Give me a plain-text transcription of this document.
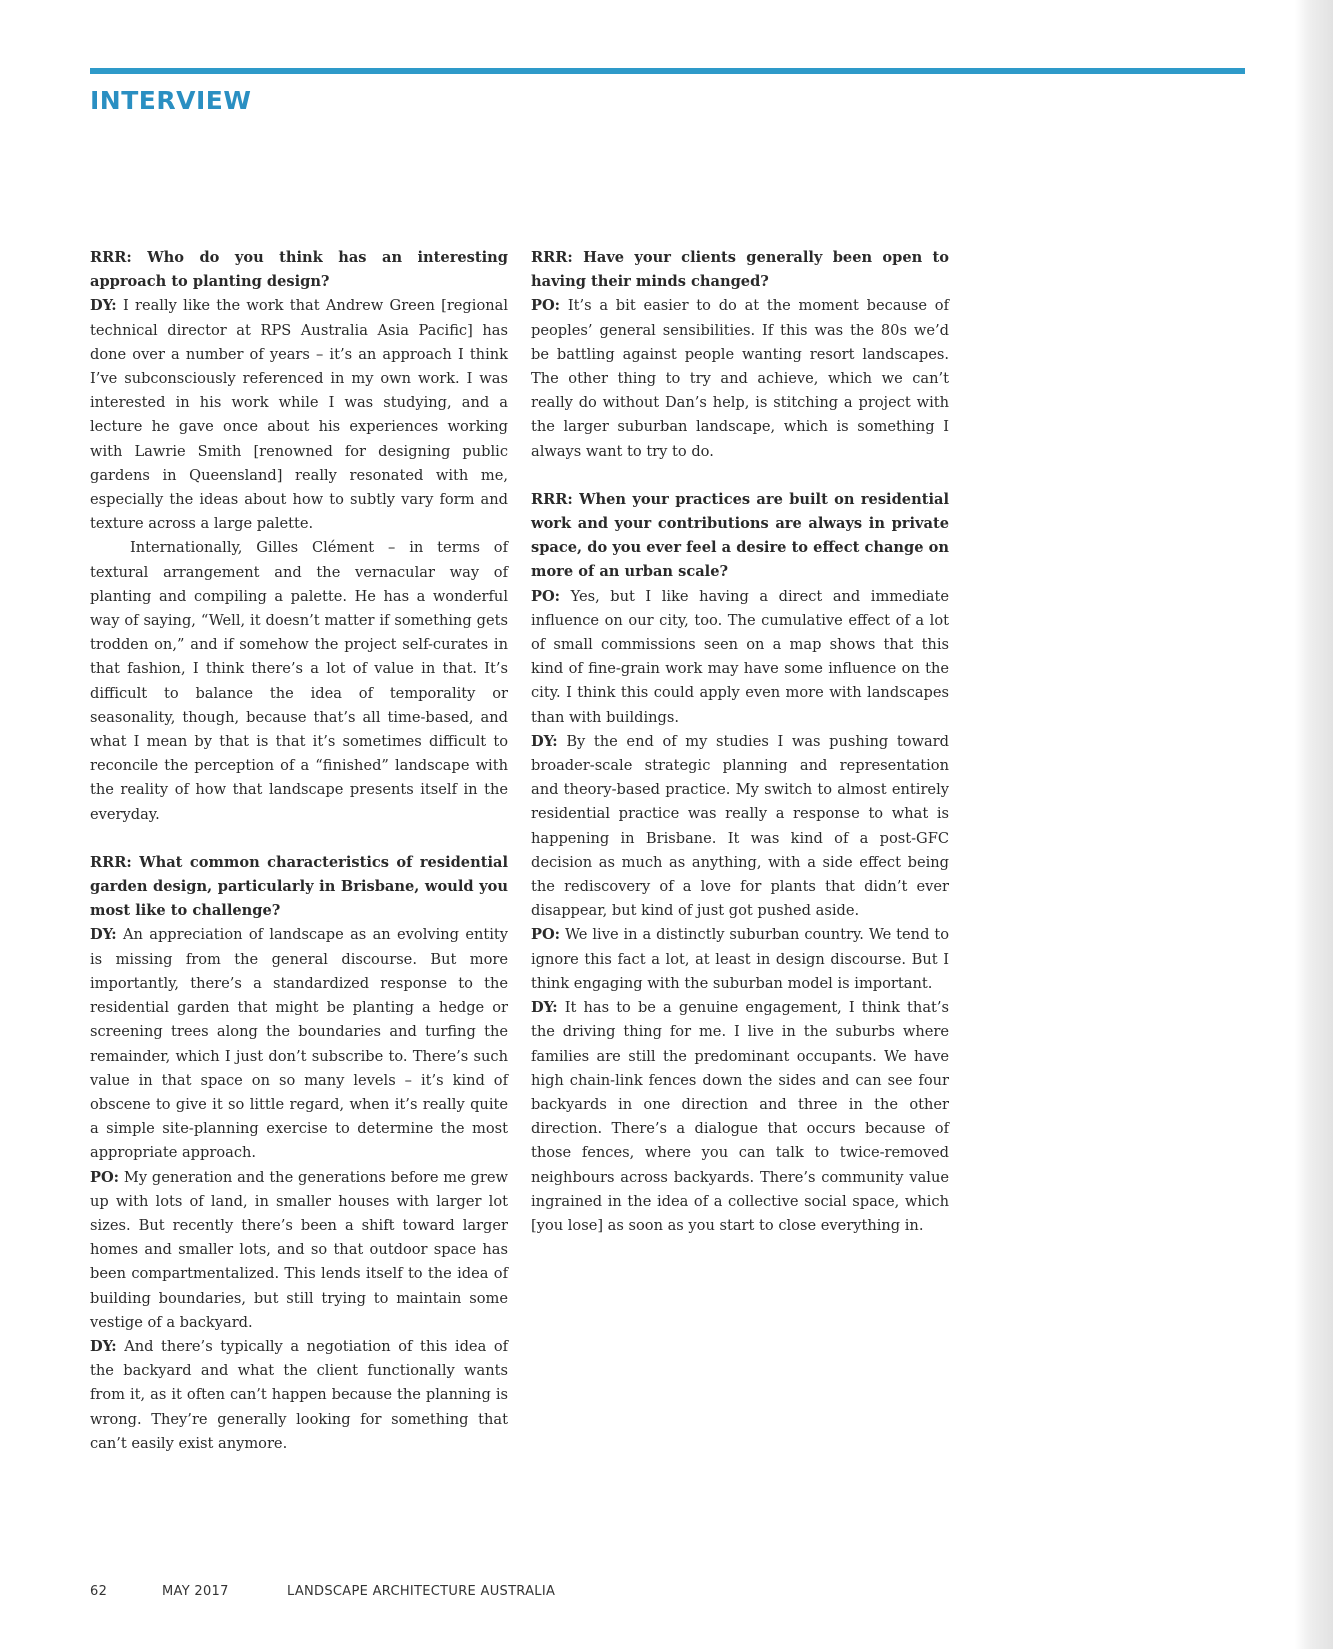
INTERVIEW

RRR: Who do you think has an interesting approach to planting design?

DY: I really like the work that Andrew Green [regional technical director at RPS Australia Asia Pacific] has done over a number of years – it’s an approach I think I’ve subconsciously referenced in my own work. I was interested in his work while I was studying, and a lecture he gave once about his experiences working with Lawrie Smith [renowned for designing public gardens in Queensland] really resonated with me, especially the ideas about how to subtly vary form and texture across a large palette.

Internationally, Gilles Clément – in terms of textural arrangement and the vernacular way of planting and compiling a palette. He has a wonderful way of saying, “Well, it doesn’t matter if something gets trodden on,” and if somehow the project self-curates in that fashion, I think there’s a lot of value in that. It’s difficult to balance the idea of temporality or seasonality, though, because that’s all time-based, and what I mean by that is that it’s sometimes difficult to reconcile the perception of a “finished” landscape with the reality of how that landscape presents itself in the everyday.

RRR: What common characteristics of residential garden design, particularly in Brisbane, would you most like to challenge?

DY: An appreciation of landscape as an evolving entity is missing from the general discourse. But more importantly, there’s a standardized response to the residential garden that might be planting a hedge or screening trees along the boundaries and turfing the remainder, which I just don’t subscribe to. There’s such value in that space on so many levels – it’s kind of obscene to give it so little regard, when it’s really quite a simple site-planning exercise to determine the most appropriate approach.

PO: My generation and the generations before me grew up with lots of land, in smaller houses with larger lot sizes. But recently there’s been a shift toward larger homes and smaller lots, and so that outdoor space has been compartmentalized. This lends itself to the idea of building boundaries, but still trying to maintain some vestige of a backyard.

DY: And there’s typically a negotiation of this idea of the backyard and what the client functionally wants from it, as it often can’t happen because the planning is wrong. They’re generally looking for something that can’t easily exist anymore.

RRR: Have your clients generally been open to having their minds changed?

PO: It’s a bit easier to do at the moment because of peoples’ general sensibilities. If this was the 80s we’d be battling against people wanting resort landscapes. The other thing to try and achieve, which we can’t really do without Dan’s help, is stitching a project with the larger suburban landscape, which is something I always want to try to do.

RRR: When your practices are built on residential work and your contributions are always in private space, do you ever feel a desire to effect change on more of an urban scale?

PO: Yes, but I like having a direct and immediate influence on our city, too. The cumulative effect of a lot of small commissions seen on a map shows that this kind of fine-grain work may have some influence on the city. I think this could apply even more with landscapes than with buildings.

DY: By the end of my studies I was pushing toward broader-scale strategic planning and representation and theory-based practice. My switch to almost entirely residential practice was really a response to what is happening in Brisbane. It was kind of a post-GFC decision as much as anything, with a side effect being the rediscovery of a love for plants that didn’t ever disappear, but kind of just got pushed aside.

PO: We live in a distinctly suburban country. We tend to ignore this fact a lot, at least in design discourse. But I think engaging with the suburban model is important.

DY: It has to be a genuine engagement, I think that’s the driving thing for me. I live in the suburbs where families are still the predominant occupants. We have high chain-link fences down the sides and can see four backyards in one direction and three in the other direction. There’s a dialogue that occurs because of those fences, where you can talk to twice-removed neighbours across backyards. There’s community value ingrained in the idea of a collective social space, which [you lose] as soon as you start to close everything in.

62	MAY 2017	LANDSCAPE ARCHITECTURE AUSTRALIA
